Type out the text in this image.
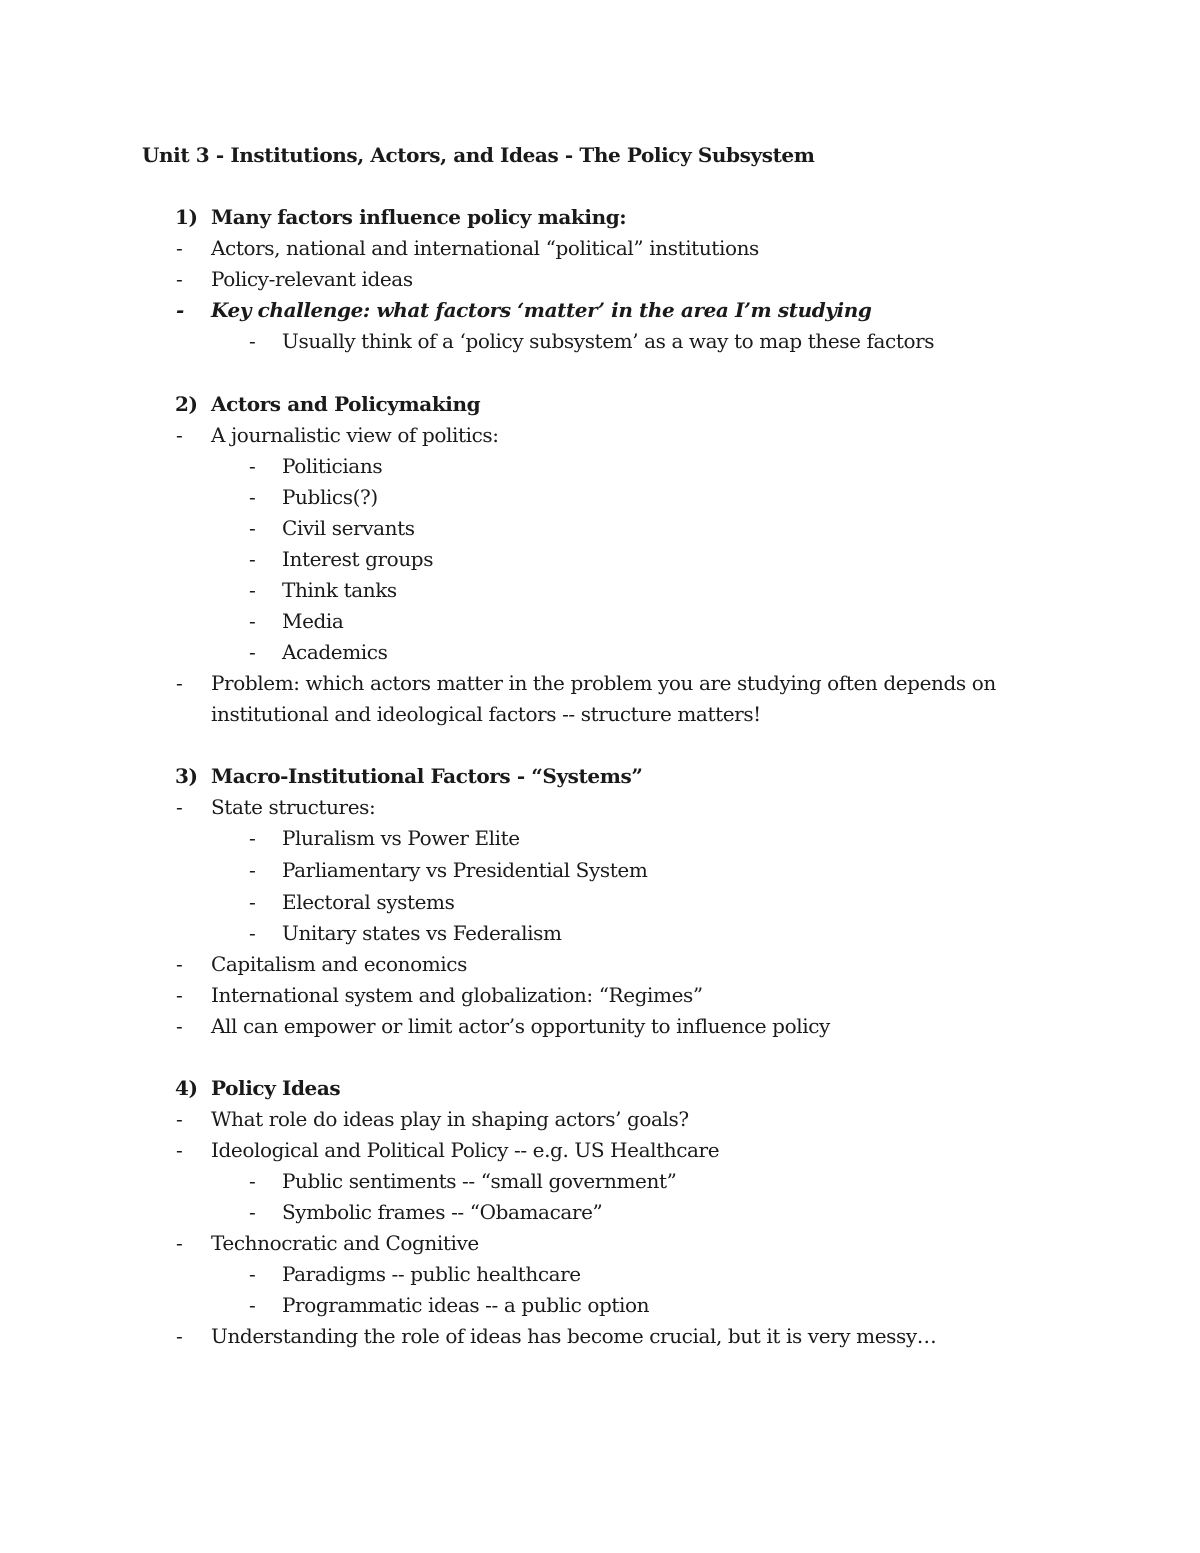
Unit 3 - Institutions, Actors, and Ideas - The Policy Subsystem
1) Many factors influence policy making:
- Actors, national and international “political” institutions
- Policy-relevant ideas
- Key challenge: what factors ‘matter’ in the area I’m studying
- Usually think of a ‘policy subsystem’ as a way to map these factors
2) Actors and Policymaking
- A journalistic view of politics:
- Politicians
- Publics(?)
- Civil servants
- Interest groups
- Think tanks
- Media
- Academics
- Problem: which actors matter in the problem you are studying often depends on
institutional and ideological factors -- structure matters!
3) Macro-Institutional Factors - “Systems”
- State structures:
- Pluralism vs Power Elite
- Parliamentary vs Presidential System
- Electoral systems
- Unitary states vs Federalism
- Capitalism and economics
- International system and globalization: “Regimes”
- All can empower or limit actor’s opportunity to influence policy
4) Policy Ideas
- What role do ideas play in shaping actors’ goals?
- Ideological and Political Policy -- e.g. US Healthcare
- Public sentiments -- “small government”
- Symbolic frames -- “Obamacare”
- Technocratic and Cognitive
- Paradigms -- public healthcare
- Programmatic ideas -- a public option
- Understanding the role of ideas has become crucial, but it is very messy…
